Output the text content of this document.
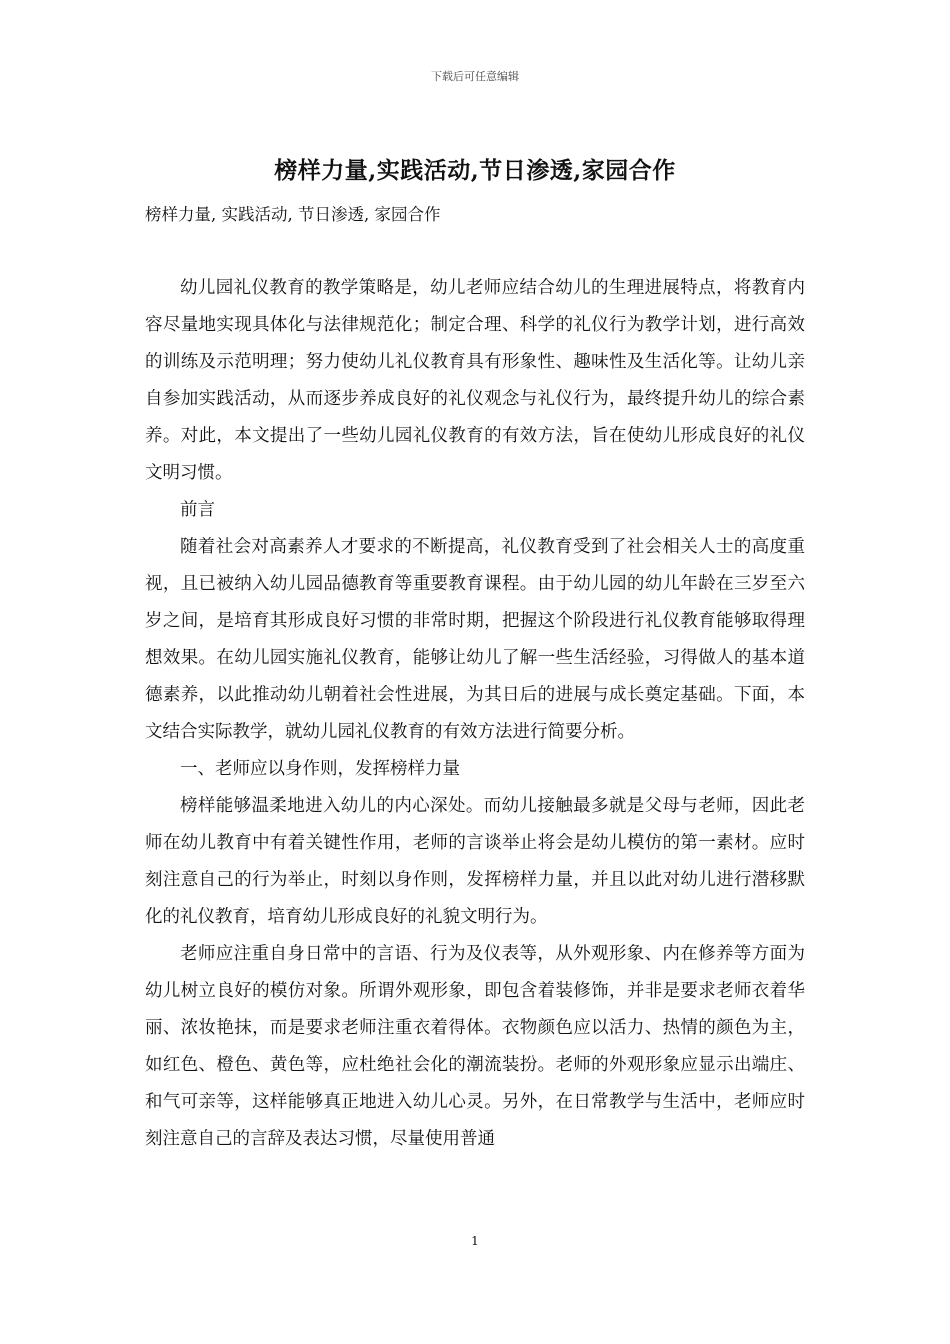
下载后可任意编辑
榜样力量,实践活动,节日渗透,家园合作
榜样力量, 实践活动, 节日渗透, 家园合作

幼儿园礼仪教育的教学策略是，幼儿老师应结合幼儿的生理进展特点，将教育内容尽量地实现具体化与法律规范化；制定合理、科学的礼仪行为教学计划，进行高效的训练及示范明理；努力使幼儿礼仪教育具有形象性、趣味性及生活化等。让幼儿亲自参加实践活动，从而逐步养成良好的礼仪观念与礼仪行为，最终提升幼儿的综合素养。对此，本文提出了一些幼儿园礼仪教育的有效方法，旨在使幼儿形成良好的礼仪文明习惯。

前言

随着社会对高素养人才要求的不断提高，礼仪教育受到了社会相关人士的高度重视，且已被纳入幼儿园品德教育等重要教育课程。由于幼儿园的幼儿年龄在三岁至六岁之间，是培育其形成良好习惯的非常时期，把握这个阶段进行礼仪教育能够取得理想效果。在幼儿园实施礼仪教育，能够让幼儿了解一些生活经验，习得做人的基本道德素养，以此推动幼儿朝着社会性进展，为其日后的进展与成长奠定基础。下面，本文结合实际教学，就幼儿园礼仪教育的有效方法进行简要分析。

一、老师应以身作则，发挥榜样力量

榜样能够温柔地进入幼儿的内心深处。而幼儿接触最多就是父母与老师，因此老师在幼儿教育中有着关键性作用，老师的言谈举止将会是幼儿模仿的第一素材。应时刻注意自己的行为举止，时刻以身作则，发挥榜样力量，并且以此对幼儿进行潜移默化的礼仪教育，培育幼儿形成良好的礼貌文明行为。

老师应注重自身日常中的言语、行为及仪表等，从外观形象、内在修养等方面为幼儿树立良好的模仿对象。所谓外观形象，即包含着装修饰，并非是要求老师衣着华丽、浓妆艳抹，而是要求老师注重衣着得体。衣物颜色应以活力、热情的颜色为主，如红色、橙色、黄色等，应杜绝社会化的潮流装扮。老师的外观形象应显示出端庄、和气可亲等，这样能够真正地进入幼儿心灵。另外，在日常教学与生活中，老师应时刻注意自己的言辞及表达习惯，尽量使用普通

1
